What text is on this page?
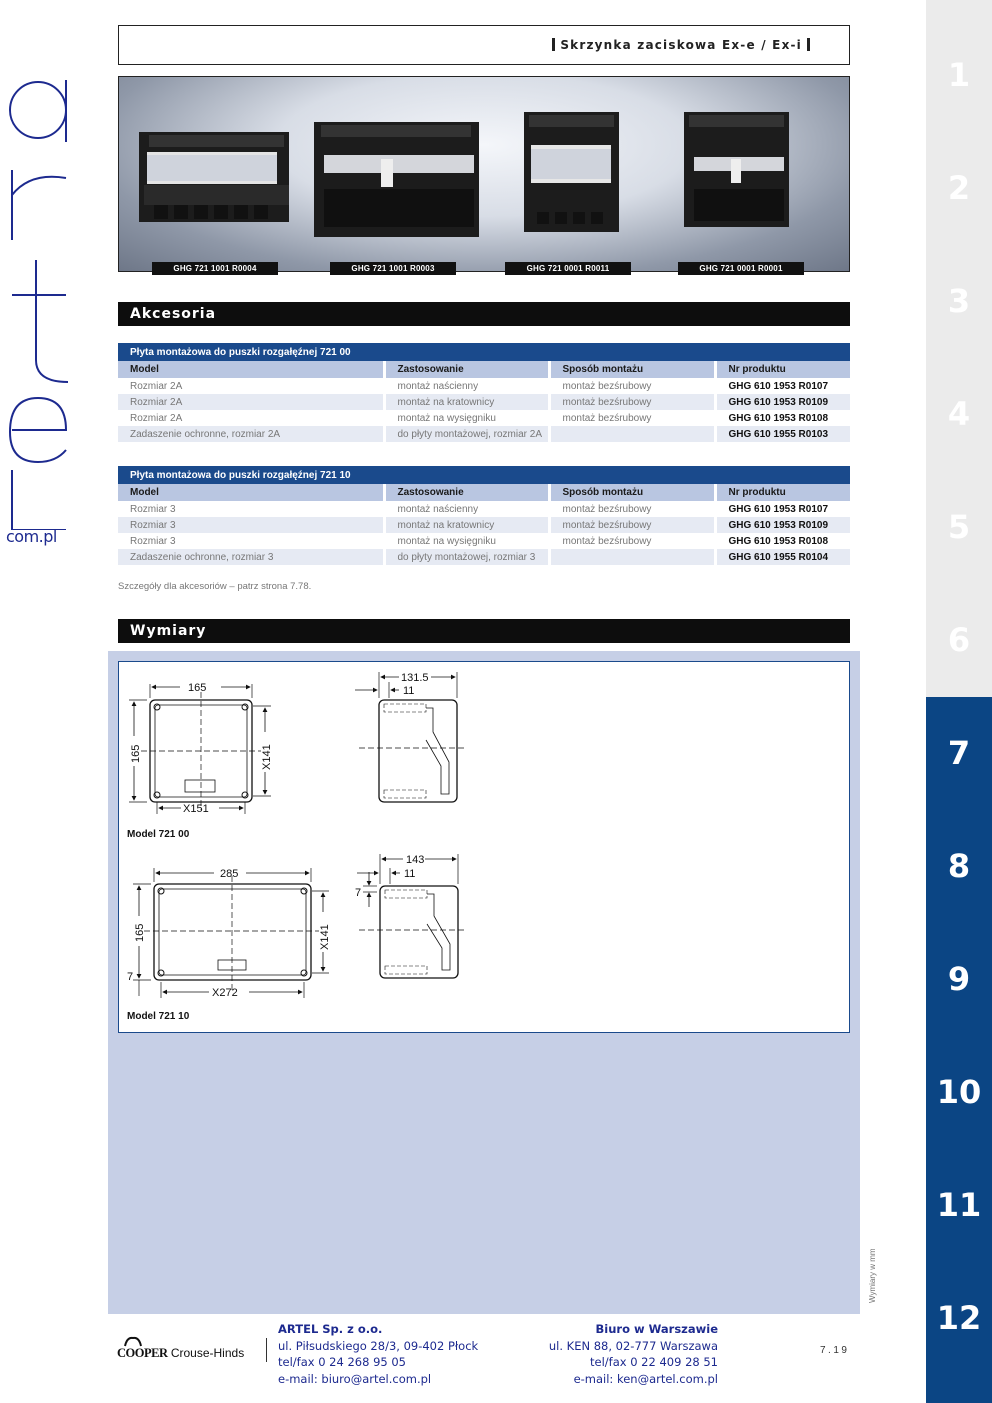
com.pl
Skrzynka zaciskowa Ex-e / Ex-i
GHG 721 1001 R0004	GHG 721 1001 R0003	GHG 721 0001 R0011	GHG 721 0001 R0001
Akcesoria
Płyta montażowa do puszki rozgałęźnej 721 00			
Model	Zastosowanie	Sposób montażu	Nr produktu
Rozmiar 2A	montaż naścienny	montaż bezśrubowy	GHG 610 1953 R0107
Rozmiar 2A	montaż na kratownicy	montaż bezśrubowy	GHG 610 1953 R0109
Rozmiar 2A	montaż na wysięgniku	montaż bezśrubowy	GHG 610 1953 R0108
Zadaszenie ochronne, rozmiar 2A	do płyty montażowej, rozmiar 2A		GHG 610 1955 R0103
Płyta montażowa do puszki rozgałęźnej 721 10			
Model	Zastosowanie	Sposób montażu	Nr produktu
Rozmiar 3	montaż naścienny	montaż bezśrubowy	GHG 610 1953 R0107
Rozmiar 3	montaż na kratownicy	montaż bezśrubowy	GHG 610 1953 R0109
Rozmiar 3	montaż na wysięgniku	montaż bezśrubowy	GHG 610 1953 R0108
Zadaszenie ochronne, rozmiar 3	do płyty montażowej, rozmiar 3		GHG 610 1955 R0104
Szczegóły dla akcesoriów – patrz strona 7.78.
Wymiary
165
165	X141
X151
131.5
11
Model 721 00
285
165	X141
X272
7
143
11
7
Model 721 10
Wymiary w mm
COOPER Crouse-Hinds
ARTEL Sp. z o.o.
ul. Piłsudskiego 28/3, 09-402 Płock
tel/fax 0 24 268 95 05
e-mail: biuro@artel.com.pl
Biuro w Warszawie
ul. KEN 88, 02-777 Warszawa
tel/fax 0 22 409 28 51
e-mail: ken@artel.com.pl
7.19
1
2
3
4
5
6
7
8
9
10
11
12
